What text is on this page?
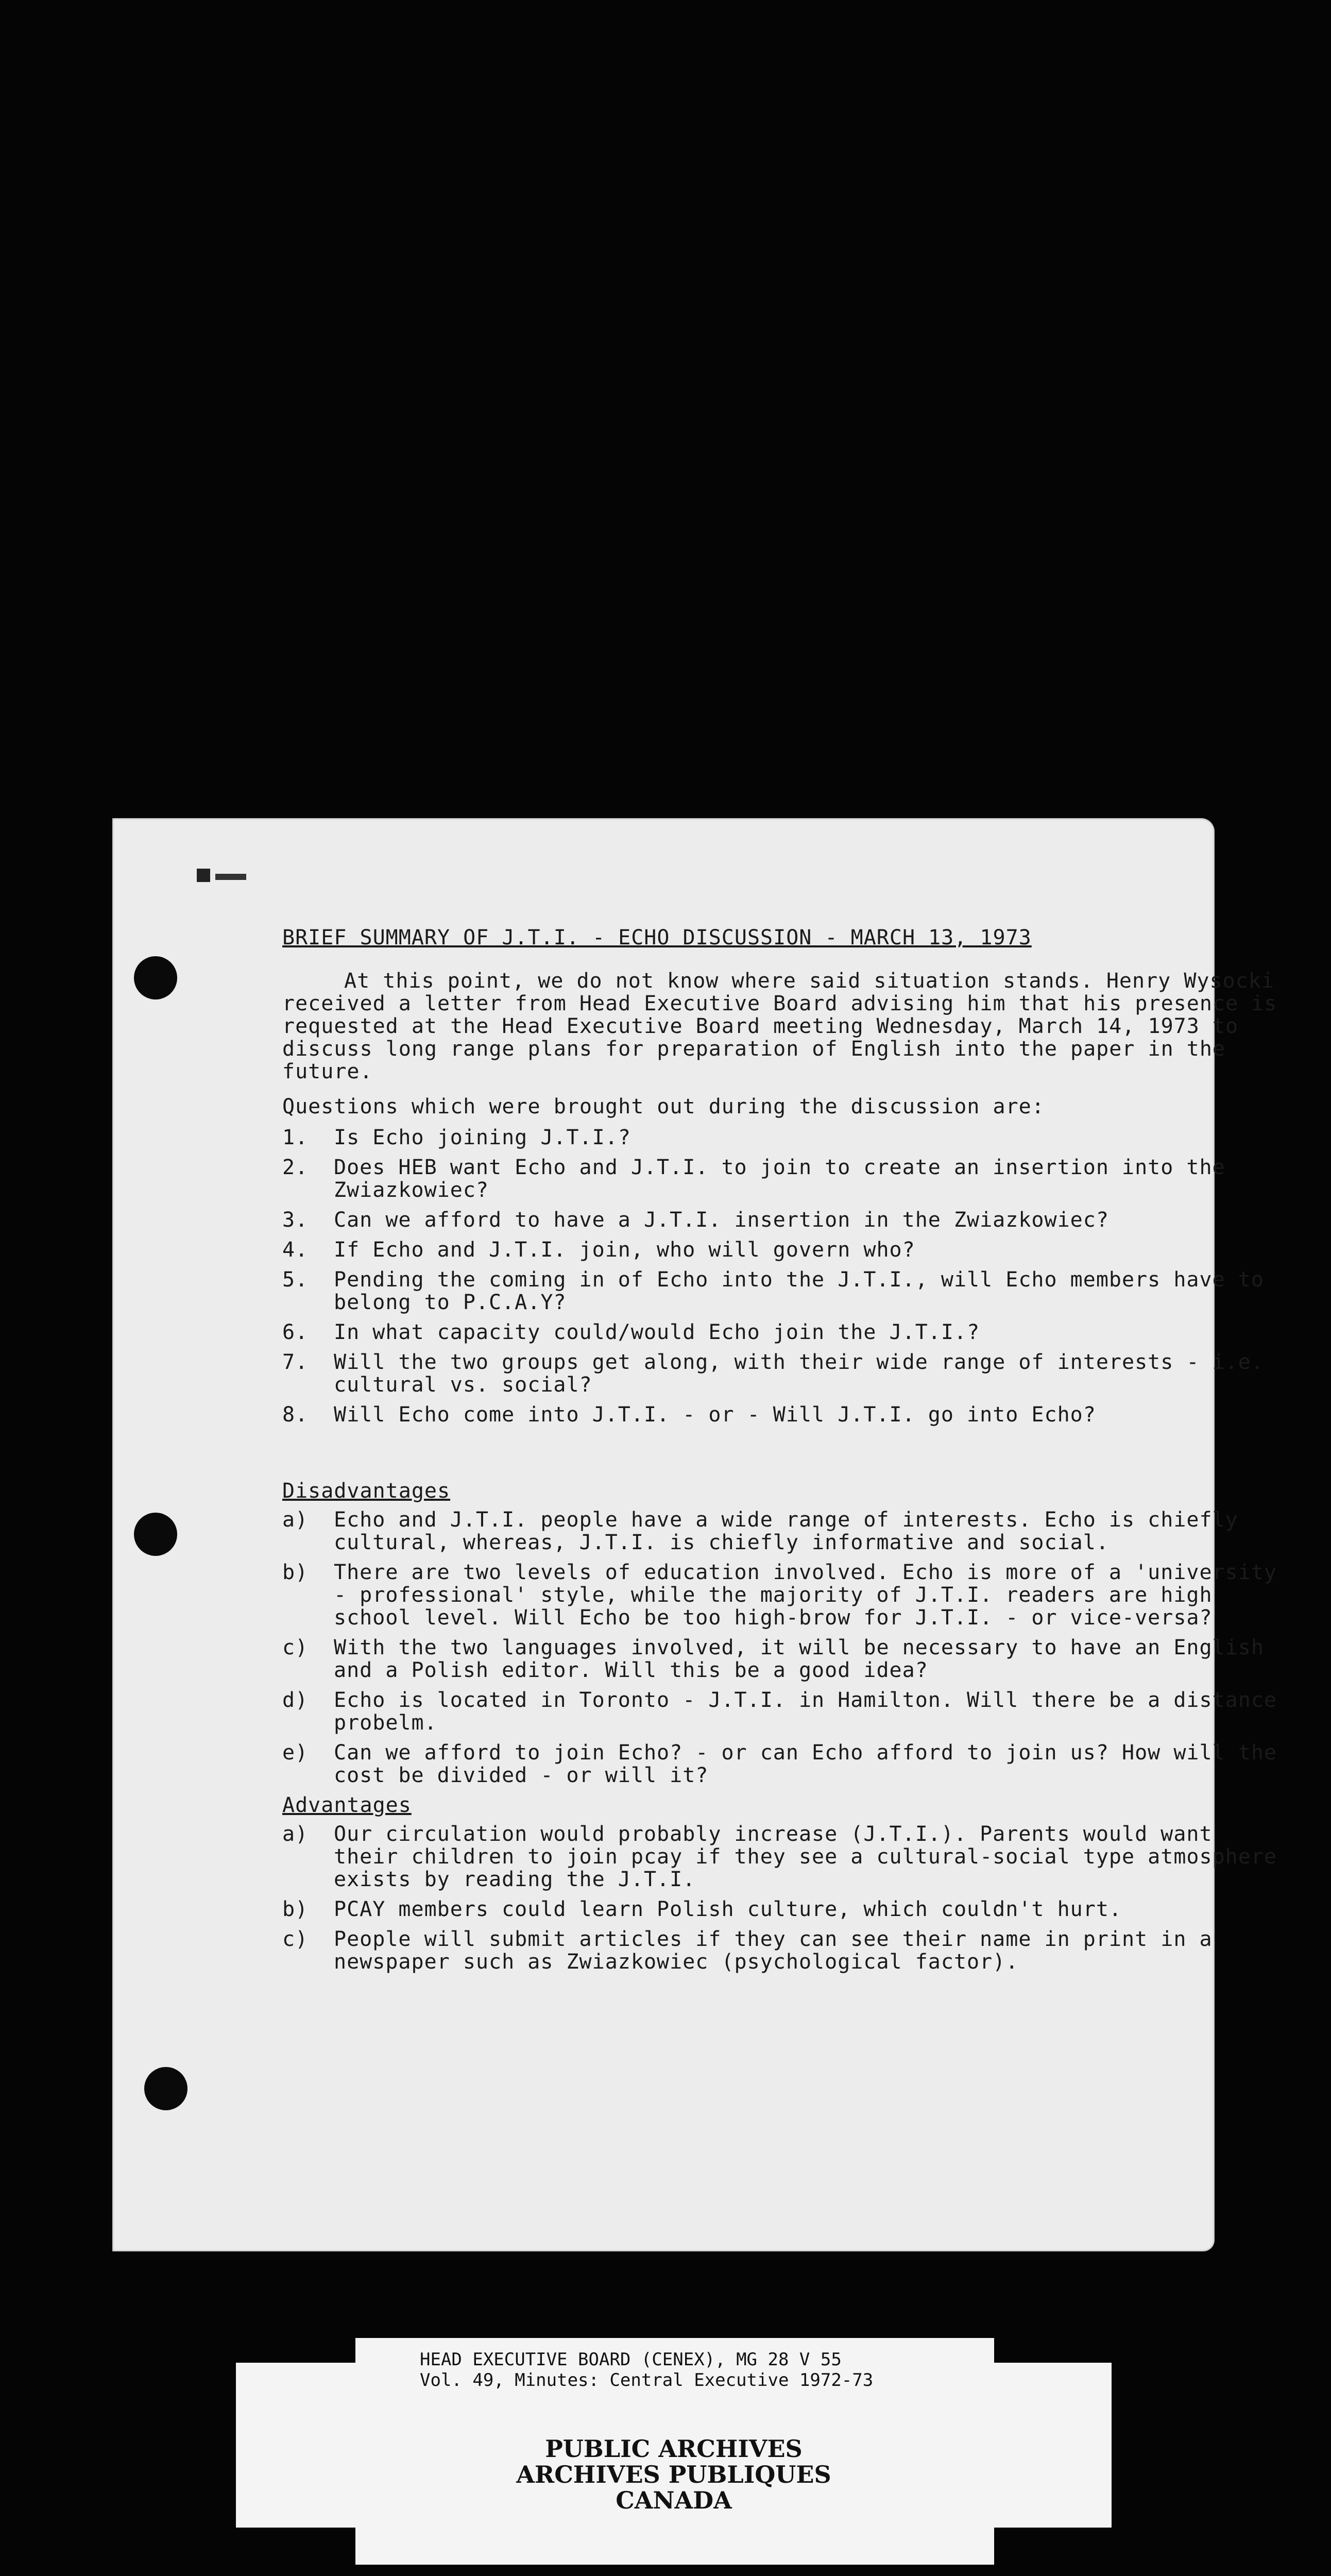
BRIEF SUMMARY OF J.T.I. - ECHO DISCUSSION - MARCH 13, 1973

At this point, we do not know where said situation stands. Henry Wysocki received a letter from Head Executive Board advising him that his presence is requested at the Head Executive Board meeting Wednesday, March 14, 1973 to discuss long range plans for preparation of English into the paper in the future.

Questions which were brought out during the discussion are:

1.	Is Echo joining J.T.I.?
2.	Does HEB want Echo and J.T.I. to join to create an insertion into the Zwiazkowiec?
3.	Can we afford to have a J.T.I. insertion in the Zwiazkowiec?
4.	If Echo and J.T.I. join, who will govern who?
5.	Pending the coming in of Echo into the J.T.I., will Echo members have to belong to P.C.A.Y?
6.	In what capacity could/would Echo join the J.T.I.?
7.	Will the two groups get along, with their wide range of interests - i.e. cultural vs. social?
8.	Will Echo come into J.T.I. - or - Will J.T.I. go into Echo?

Disadvantages

a)	Echo and J.T.I. people have a wide range of interests. Echo is chiefly cultural, whereas, J.T.I. is chiefly informative and social.
b)	There are two levels of education involved. Echo is more of a 'university - professional' style, while the majority of J.T.I. readers are high school level. Will Echo be too high-brow for J.T.I. - or vice-versa?
c)	With the two languages involved, it will be necessary to have an English and a Polish editor. Will this be a good idea?
d)	Echo is located in Toronto - J.T.I. in Hamilton. Will there be a distance probelm.
e)	Can we afford to join Echo? - or can Echo afford to join us? How will the cost be divided - or will it?

Advantages

a)	Our circulation would probably increase (J.T.I.). Parents would want their children to join pcay if they see a cultural-social type atmosphere exists by reading the J.T.I.
b)	PCAY members could learn Polish culture, which couldn't hurt.
c)	People will submit articles if they can see their name in print in a newspaper such as Zwiazkowiec (psychological factor).
HEAD EXECUTIVE BOARD (CENEX), MG 28 V 55
Vol. 49, Minutes: Central Executive 1972-73
PUBLIC ARCHIVES
ARCHIVES PUBLIQUES
CANADA
